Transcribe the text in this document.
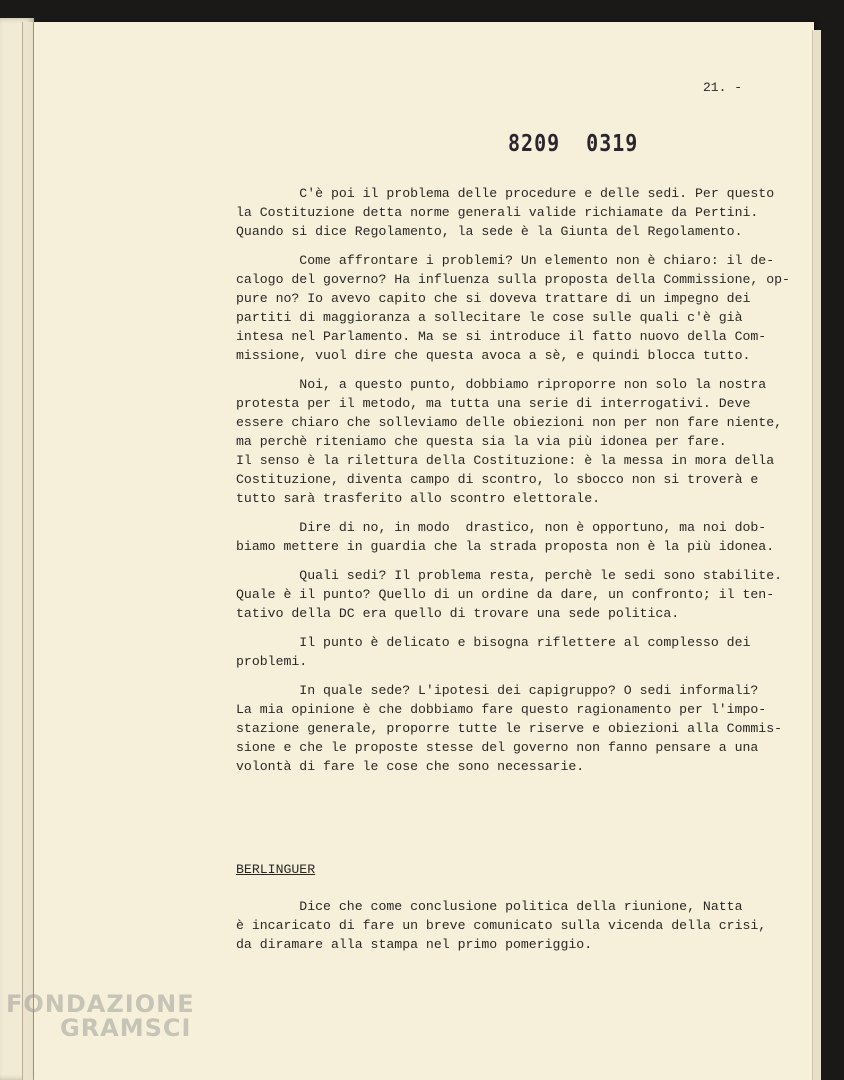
21. -
8209 0319
C'è poi il problema delle procedure e delle sedi. Per questo
la Costituzione detta norme generali valide richiamate da Pertini.
Quando si dice Regolamento, la sede è la Giunta del Regolamento.
Come affrontare i problemi? Un elemento non è chiaro: il de-
calogo del governo? Ha influenza sulla proposta della Commissione, op-
pure no? Io avevo capito che si doveva trattare di un impegno dei
partiti di maggioranza a sollecitare le cose sulle quali c'è già
intesa nel Parlamento. Ma se si introduce il fatto nuovo della Com-
missione, vuol dire che questa avoca a sè, e quindi blocca tutto.
Noi, a questo punto, dobbiamo riproporre non solo la nostra
protesta per il metodo, ma tutta una serie di interrogativi. Deve
essere chiaro che solleviamo delle obiezioni non per non fare niente,
ma perchè riteniamo che questa sia la via più idonea per fare.
Il senso è la rilettura della Costituzione: è la messa in mora della
Costituzione, diventa campo di scontro, lo sbocco non si troverà e
tutto sarà trasferito allo scontro elettorale.
Dire di no, in modo  drastico, non è opportuno, ma noi dob-
biamo mettere in guardia che la strada proposta non è la più idonea.
Quali sedi? Il problema resta, perchè le sedi sono stabilite.
Quale è il punto? Quello di un ordine da dare, un confronto; il ten-
tativo della DC era quello di trovare una sede politica.
Il punto è delicato e bisogna riflettere al complesso dei
problemi.
In quale sede? L'ipotesi dei capigruppo? O sedi informali?
La mia opinione è che dobbiamo fare questo ragionamento per l'impo-
stazione generale, proporre tutte le riserve e obiezioni alla Commis-
sione e che le proposte stesse del governo non fanno pensare a una
volontà di fare le cose che sono necessarie.
BERLINGUER
Dice che come conclusione politica della riunione, Natta
è incaricato di fare un breve comunicato sulla vicenda della crisi,
da diramare alla stampa nel primo pomeriggio.
FONDAZIONE
GRAMSCI
